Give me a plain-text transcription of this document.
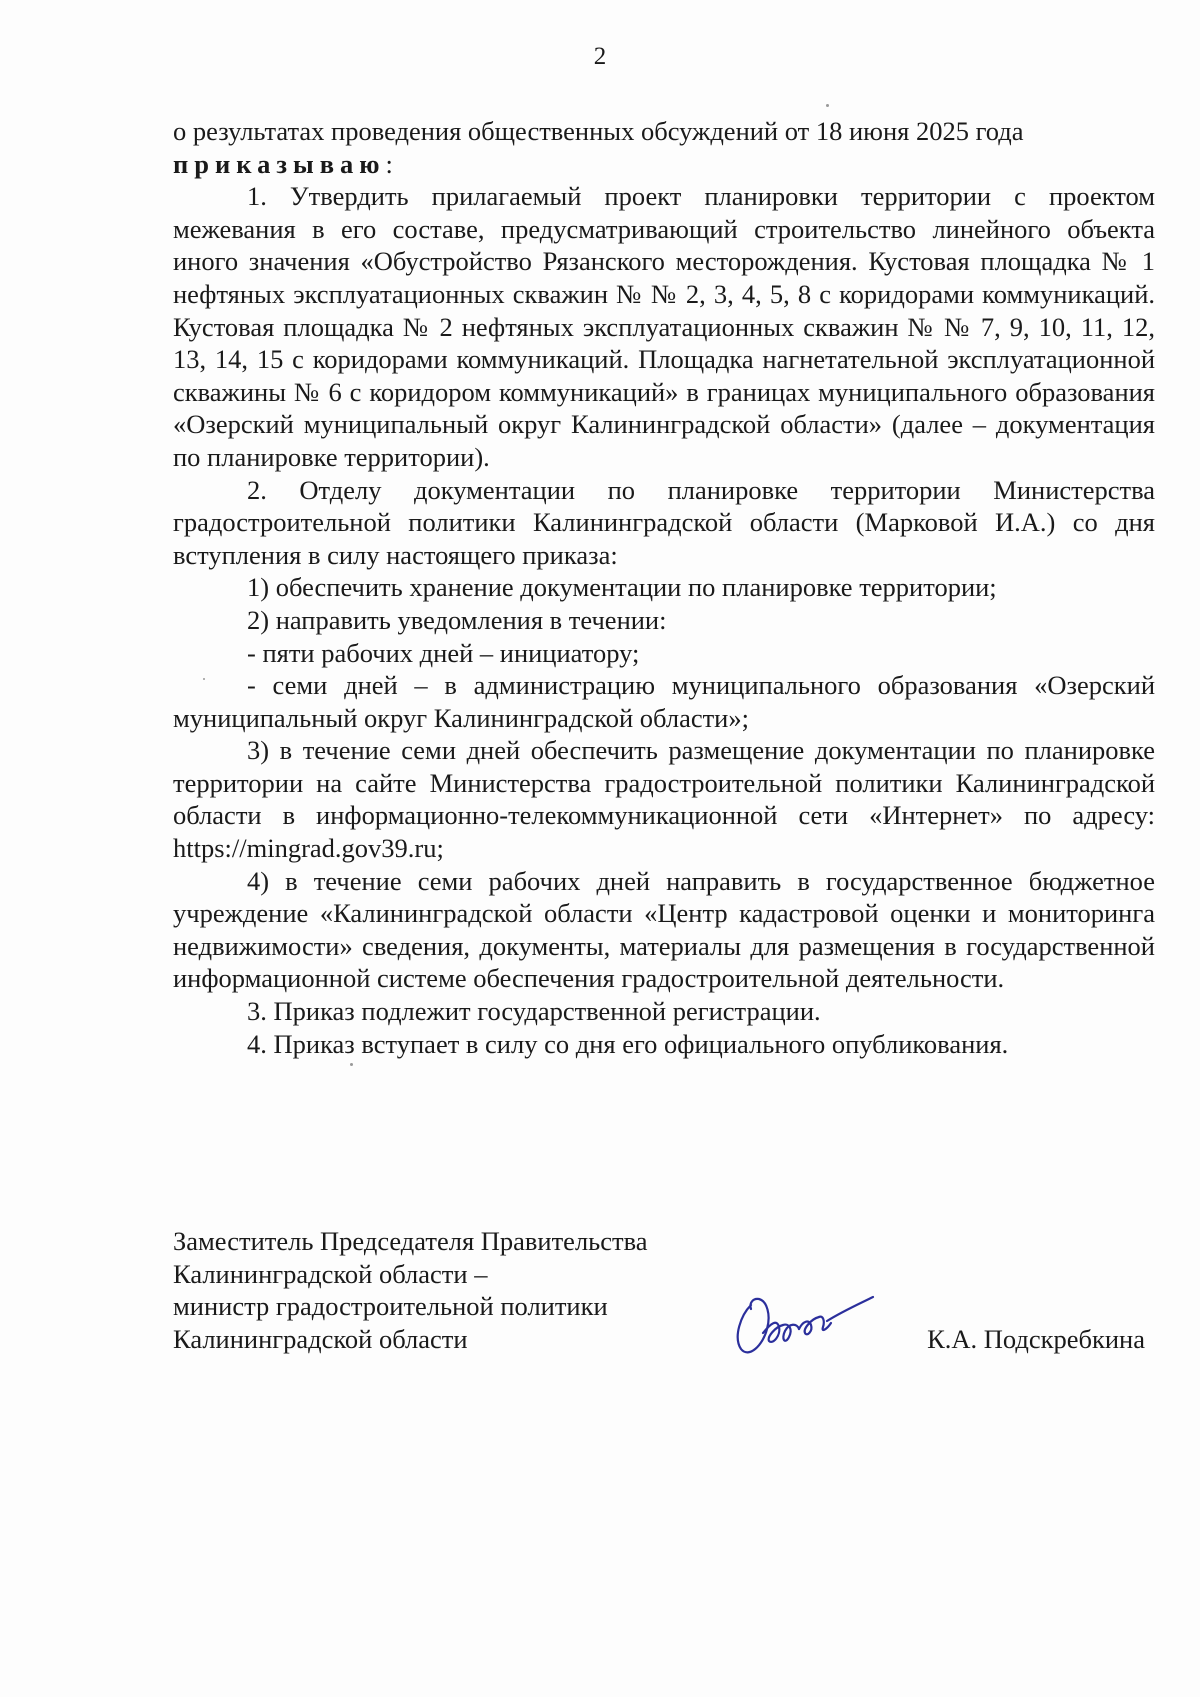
2

о результатах проведения общественных обсуждений от 18 июня 2025 года

приказываю:

1. Утвердить прилагаемый проект планировки территории с проектом межевания в его составе, предусматривающий строительство линейного объекта иного значения «Обустройство Рязанского месторождения. Кустовая площадка № 1 нефтяных эксплуатационных скважин № № 2, 3, 4, 5, 8 с коридорами коммуникаций. Кустовая площадка № 2 нефтяных эксплуатационных скважин № № 7, 9, 10, 11, 12, 13, 14, 15 с коридорами коммуникаций. Площадка нагнетательной эксплуатационной скважины № 6 с коридором коммуникаций» в границах муниципального образования «Озерский муниципальный округ Калининградской области» (далее – документация по планировке территории).

2. Отделу документации по планировке территории Министерства градостроительной политики Калининградской области (Марковой И.А.) со дня вступления в силу настоящего приказа:

1) обеспечить хранение документации по планировке территории;

2) направить уведомления в течении:

- пяти рабочих дней – инициатору;

- семи дней – в администрацию муниципального образования «Озерский муниципальный округ Калининградской области»;

3) в течение семи дней обеспечить размещение документации по планировке территории на сайте Министерства градостроительной политики Калининградской области в информационно-телекоммуникационной сети «Интернет» по адресу: https://mingrad.gov39.ru;

4) в течение семи рабочих дней направить в государственное бюджетное учреждение «Калининградской области «Центр кадастровой оценки и мониторинга недвижимости» сведения, документы, материалы для размещения в государственной информационной системе обеспечения градостроительной деятельности.

3. Приказ подлежит государственной регистрации.

4. Приказ вступает в силу со дня его официального опубликования.

Заместитель Председателя Правительства

Калининградской области –

министр градостроительной политики

Калининградской области	К.А. Подскребкина
